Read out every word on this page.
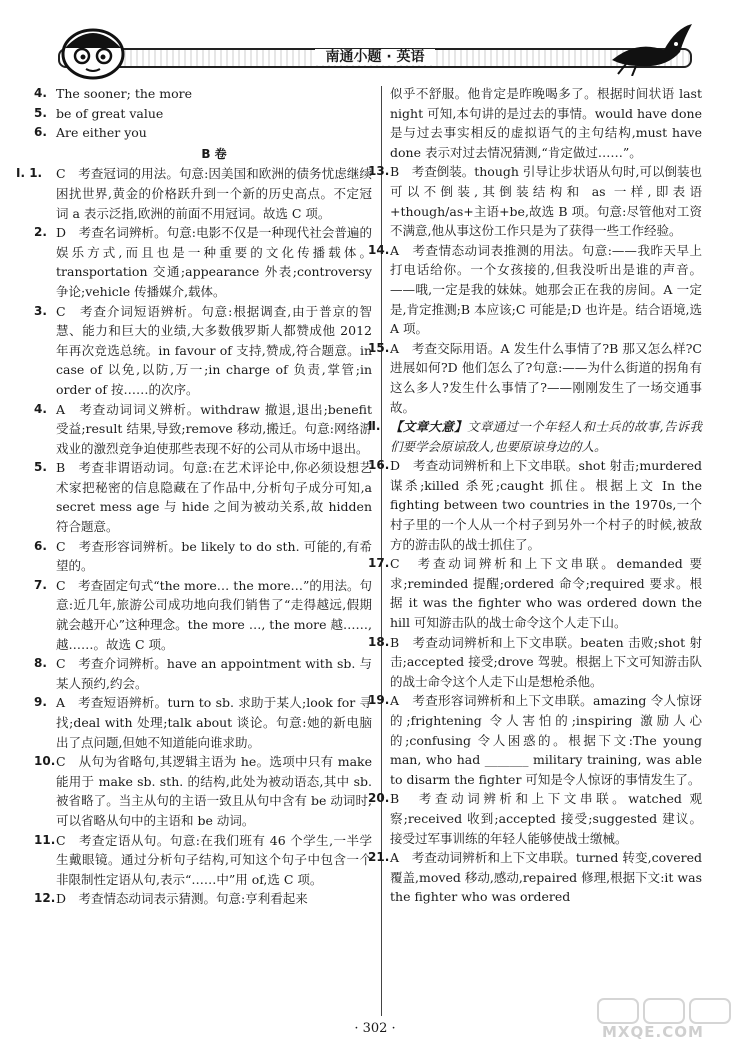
南通小题 · 英语
4. The sooner; the more
5. be of great value
6. Are either you
B 卷
Ⅰ. 1. C　考查冠词的用法。句意:因美国和欧洲的债务忧虑继续困扰世界,黄金的价格跃升到一个新的历史高点。不定冠词 a 表示泛指,欧洲的前面不用冠词。故选 C 项。
2. D　考查名词辨析。句意:电影不仅是一种现代社会普遍的娱乐方式,而且也是一种重要的文化传播载体。transportation 交通;appearance 外表;controversy 争论;vehicle 传播媒介,载体。
3. C　考查介词短语辨析。句意:根据调查,由于普京的智慧、能力和巨大的业绩,大多数俄罗斯人都赞成他 2012 年再次竞选总统。in favour of 支持,赞成,符合题意。in case of 以免,以防,万一;in charge of 负责,掌管;in order of 按……的次序。
4. A　考查动词词义辨析。withdraw 撤退,退出;benefit 受益;result 结果,导致;remove 移动,搬迁。句意:网络游戏业的激烈竞争迫使那些表现不好的公司从市场中退出。
5. B　考查非谓语动词。句意:在艺术评论中,你必须设想艺术家把秘密的信息隐藏在了作品中,分析句子成分可知,a secret mess age 与 hide 之间为被动关系,故 hidden 符合题意。
6. C　考查形容词辨析。be likely to do sth. 可能的,有希望的。
7. C　考查固定句式“the more… the more…”的用法。句意:近几年,旅游公司成功地向我们销售了“走得越远,假期就会越开心”这种理念。the more …, the more 越……,越……。故选 C 项。
8. C　考查介词辨析。have an appointment with sb. 与某人预约,约会。
9. A　考查短语辨析。turn to sb. 求助于某人;look for 寻找;deal with 处理;talk about 谈论。句意:她的新电脑出了点问题,但她不知道能向谁求助。
10. C　从句为省略句,其逻辑主语为 he。选项中只有 make 能用于 make sb. sth. 的结构,此处为被动语态,其中 sb. 被省略了。当主从句的主语一致且从句中含有 be 动词时,可以省略从句中的主语和 be 动词。
11. C　考查定语从句。句意:在我们班有 46 个学生,一半学生戴眼镜。通过分析句子结构,可知这个句子中包含一个非限制性定语从句,表示“……中”用 of,选 C 项。
12. D　考查情态动词表示猜测。句意:亨利看起来
似乎不舒服。他肯定是昨晚喝多了。根据时间状语 last night 可知,本句讲的是过去的事情。would have done 是与过去事实相反的虚拟语气的主句结构,must have done 表示对过去情况猜测,“肯定做过……”。
13. B　考查倒装。though 引导让步状语从句时,可以倒装也可以不倒装,其倒装结构和 as 一样,即表语+though/as+主语+be,故选 B 项。句意:尽管他对工资不满意,他从事这份工作只是为了获得一些工作经验。
14. A　考查情态动词表推测的用法。句意:——我昨天早上打电话给你。一个女孩接的,但我没听出是谁的声音。——哦,一定是我的妹妹。她那会正在我的房间。A 一定是,肯定推测;B 本应该;C 可能是;D 也许是。结合语境,选 A 项。
15. A　考查交际用语。A 发生什么事情了?B 那又怎么样?C 进展如何?D 他们怎么了?句意:——为什么街道的拐角有这么多人?发生什么事情了?——刚刚发生了一场交通事故。
Ⅱ. 【文章大意】文章通过一个年轻人和士兵的故事,告诉我们要学会原谅敌人,也要原谅身边的人。
16. D　考查动词辨析和上下文串联。shot 射击;murdered 谋杀;killed 杀死;caught 抓住。根据上文 In the fighting between two countries in the 1970s,一个村子里的一个人从一个村子到另外一个村子的时候,被敌方的游击队的战士抓住了。
17. C　考查动词辨析和上下文串联。demanded 要求;reminded 提醒;ordered 命令;required 要求。根据 it was the fighter who was ordered down the hill 可知游击队的战士命令这个人走下山。
18. B　考查动词辨析和上下文串联。beaten 击败;shot 射击;accepted 接受;drove 驾驶。根据上下文可知游击队的战士命令这个人走下山是想枪杀他。
19. A　考查形容词辨析和上下文串联。amazing 令人惊讶的;frightening 令人害怕的;inspiring 激励人心的;confusing 令人困惑的。根据下文:The young man, who had _______ military training, was able to disarm the fighter 可知是令人惊讶的事情发生了。
20. B　考查动词辨析和上下文串联。watched 观察;received 收到;accepted 接受;suggested 建议。接受过军事训练的年轻人能够使战士缴械。
21. A　考查动词辨析和上下文串联。turned 转变,covered 覆盖,moved 移动,感动,repaired 修理,根据下文:it was the fighter who was ordered
· 302 ·	MXQE.COM
